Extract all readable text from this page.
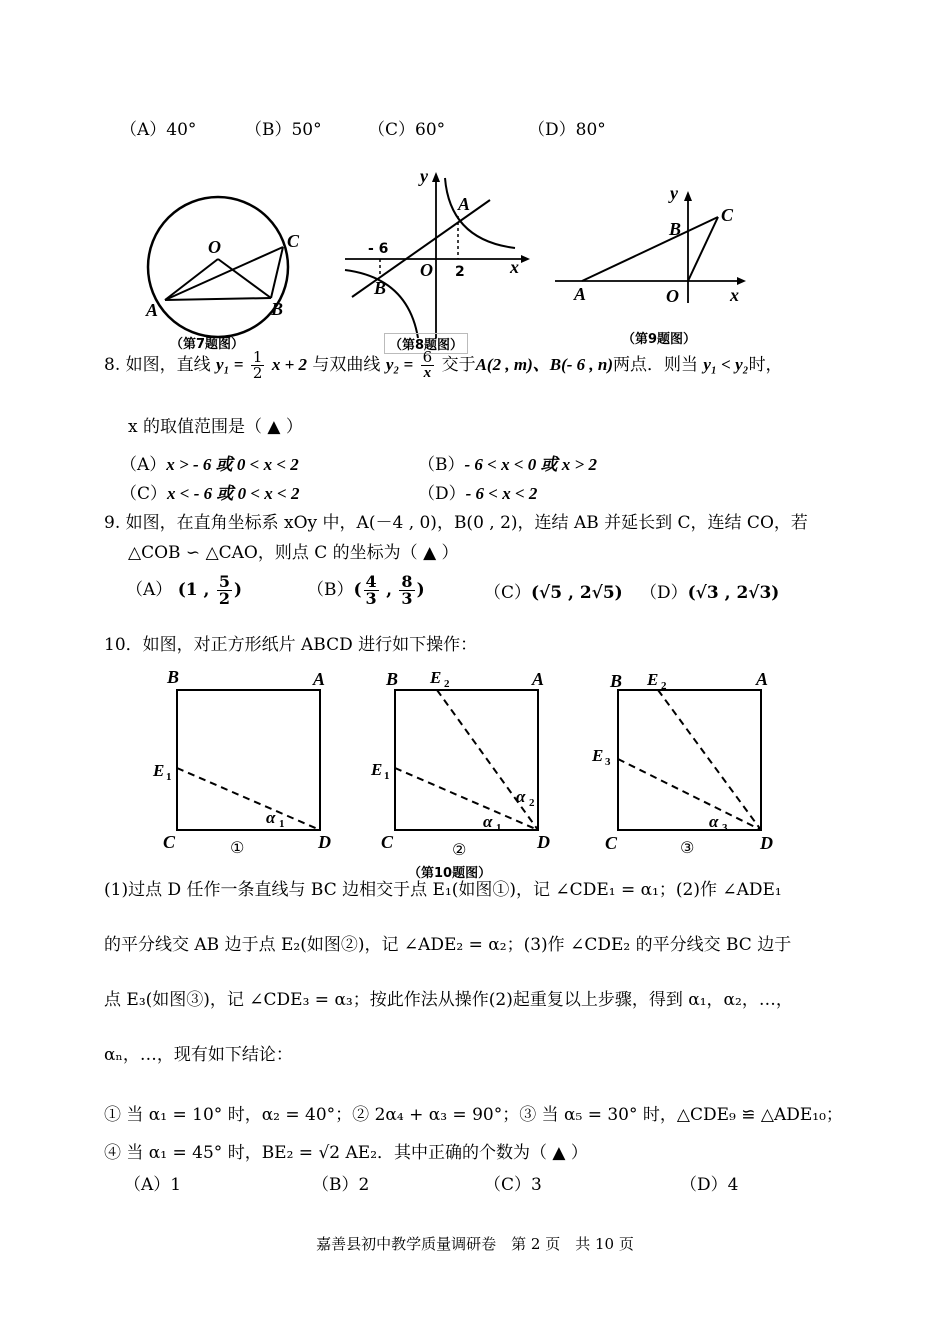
（A）40°	（B）50°	（C）60°	（D）80°
O
A	B
C
（第7题图）
y
x
A
B
O
- 6
2
（第8题图）
y
x
A
B
C
O
（第9题图）
8. 如图，直线 $y_1 = \frac{1}{2}$ x + 2 与双曲线 $y_2 = \frac{6}{x}$ 交于A(2 , m)、B(- 6 , n)两点．则当 y₁ < y₂时，
x 的取值范围是（ ▲ ）
（A）x > - 6 或 0 < x < 2	（B）- 6 < x < 0 或 x > 2
（C）x < - 6 或 0 < x < 2	（D）- 6 < x < 2
9. 如图，在直角坐标系 xOy 中，A(－4 , 0)，B(0 , 2)，连结 AB 并延长到 C，连结 CO，若
△COB ∽ △CAO，则点 C 的坐标为（ ▲ ）
（A） (1 , $\frac{5}{2}$ )	$(B)( \frac{4}{3}$ , $\frac{8}{3}$ )	（C）(√5 , 2√5) （D）(√3 , 2√3)
10．如图，对正方形纸片 ABCD 进行如下操作：
B	A
C	D
E 1
α 1
①
B E 2	A
C	D
E 1
α 1
α 2
②
B E 2	A
C	D
E 3
α 3
③
（第10题图）
(1)过点 D 任作一条直线与 BC 边相交于点 E₁(如图①)，记 ∠CDE₁ = α₁；(2)作 ∠ADE₁
的平分线交 AB 边于点 E₂(如图②)，记 ∠ADE₂ = α₂；(3)作 ∠CDE₂ 的平分线交 BC 边于
点 E₃(如图③)，记 ∠CDE₃ = α₃；按此作法从操作(2)起重复以上步骤，得到 α₁，α₂，…，
αₙ，…，现有如下结论：
① 当 α₁ = 10° 时，α₂ = 40°；② 2α₄ + α₃ = 90°；③ 当 α₅ = 30° 时，△CDE₉ ≌ △ADE₁₀；
④ 当 α₁ = 45° 时，BE₂ = √2 AE₂．其中正确的个数为（ ▲ ）
（A）1	（B）2	（C）3	（D）4
嘉善县初中教学质量调研卷　第 2 页　共 10 页
